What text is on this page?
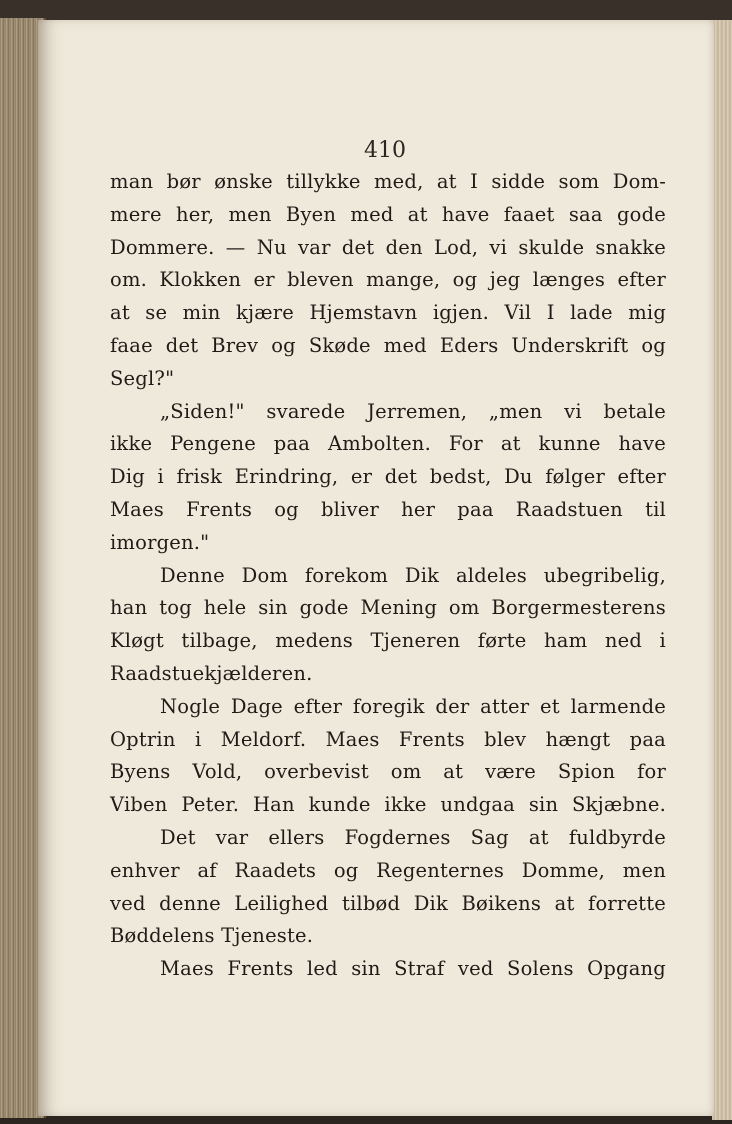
410
man bør ønske tillykke med, at I sidde som Dom-
mere her, men Byen med at have faaet saa gode
Dommere. — Nu var det den Lod, vi skulde snakke
om. Klokken er bleven mange, og jeg længes efter
at se min kjære Hjemstavn igjen. Vil I lade mig
faae det Brev og Skøde med Eders Underskrift og
Segl?"
„Siden!" svarede Jerremen, „men vi betale
ikke Pengene paa Ambolten. For at kunne have
Dig i frisk Erindring, er det bedst, Du følger efter
Maes Frents og bliver her paa Raadstuen til
imorgen."
Denne Dom forekom Dik aldeles ubegribelig,
han tog hele sin gode Mening om Borgermesterens
Kløgt tilbage, medens Tjeneren førte ham ned i
Raadstuekjælderen.
Nogle Dage efter foregik der atter et larmende
Optrin i Meldorf. Maes Frents blev hængt paa
Byens Vold, overbevist om at være Spion for
Viben Peter. Han kunde ikke undgaa sin Skjæbne.
Det var ellers Fogdernes Sag at fuldbyrde
enhver af Raadets og Regenternes Domme, men
ved denne Leilighed tilbød Dik Bøikens at forrette
Bøddelens Tjeneste.
Maes Frents led sin Straf ved Solens Opgang
